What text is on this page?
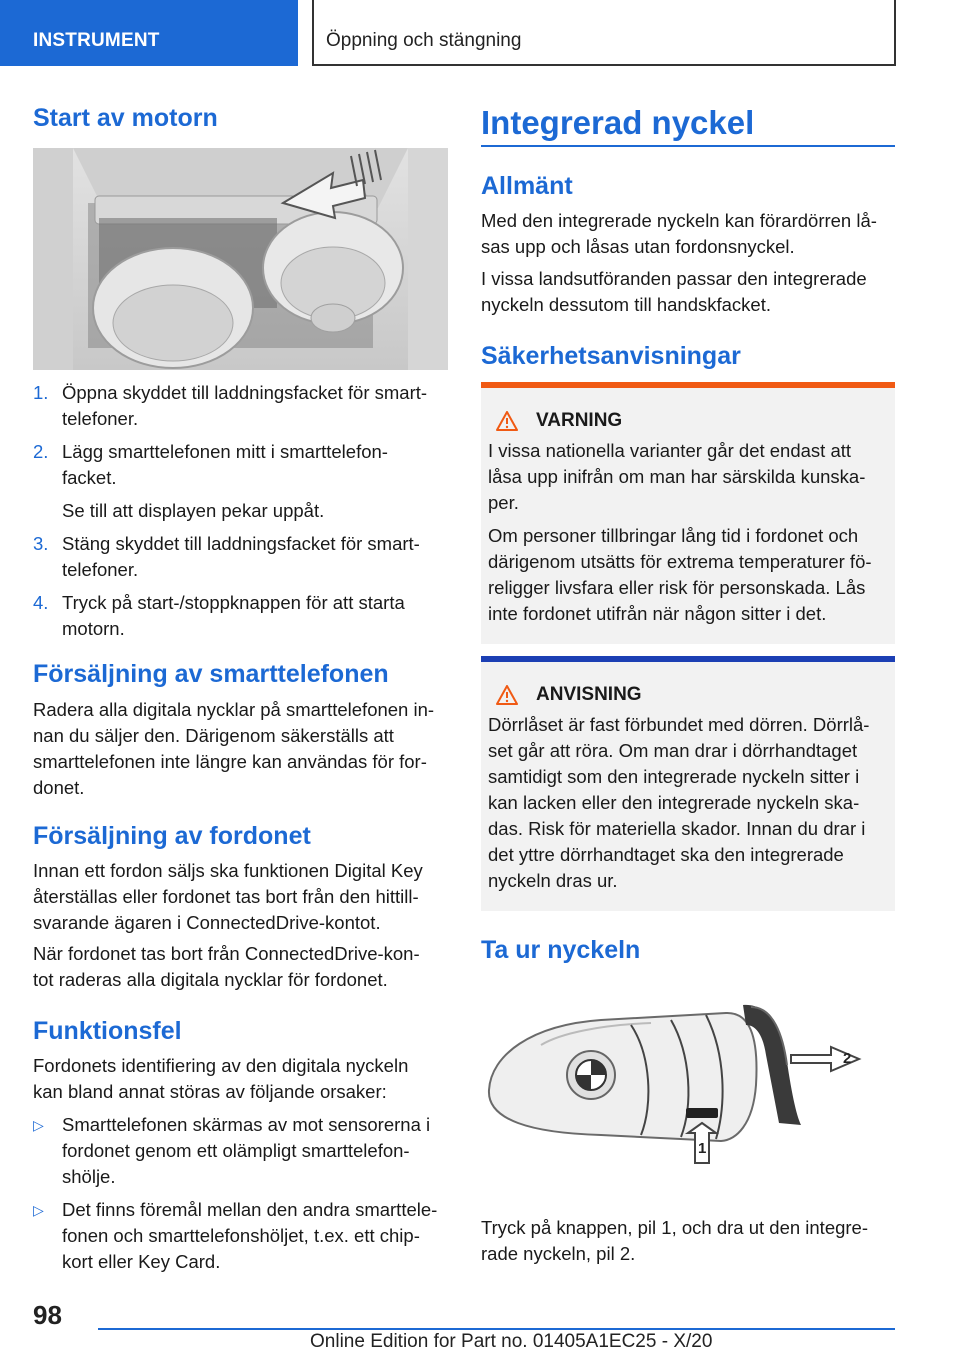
INSTRUMENT	Öppning och stängning
Start av motorn
1. Öppna skyddet till laddningsfacket för smart-
telefoner.
2. Lägg smarttelefonen mitt i smarttelefon-
facket.
Se till att displayen pekar uppåt.
3. Stäng skyddet till laddningsfacket för smart-
telefoner.
4. Tryck på start-/stoppknappen för att starta
motorn.
Försäljning av smarttelefonen
Radera alla digitala nycklar på smarttelefonen in-
nan du säljer den. Därigenom säkerställs att
smarttelefonen inte längre kan användas för for-
donet.
Försäljning av fordonet
Innan ett fordon säljs ska funktionen Digital Key
återställas eller fordonet tas bort från den hittill-
svarande ägaren i ConnectedDrive-kontot.
När fordonet tas bort från ConnectedDrive-kon-
tot raderas alla digitala nycklar för fordonet.
Funktionsfel
Fordonets identifiering av den digitala nyckeln
kan bland annat störas av följande orsaker:
▷ Smarttelefonen skärmas av mot sensorerna i
fordonet genom ett olämpligt smarttelefon-
shölje.
▷ Det finns föremål mellan den andra smarttele-
fonen och smarttelefonshöljet, t.ex. ett chip-
kort eller Key Card.
Integrerad nyckel
Allmänt
Med den integrerade nyckeln kan förardörren lå-
sas upp och låsas utan fordonsnyckel.
I vissa landsutföranden passar den integrerade
nyckeln dessutom till handskfacket.
Säkerhetsanvisningar
VARNING
I vissa nationella varianter går det endast att
låsa upp inifrån om man har särskilda kunska-
per.
Om personer tillbringar lång tid i fordonet och
därigenom utsätts för extrema temperaturer fö-
religger livsfara eller risk för personskada. Lås
inte fordonet utifrån när någon sitter i det.
ANVISNING
Dörrlåset är fast förbundet med dörren. Dörrlå-
set går att röra. Om man drar i dörrhandtaget
samtidigt som den integrerade nyckeln sitter i
kan lacken eller den integrerade nyckeln ska-
das. Risk för materiella skador. Innan du drar i
det yttre dörrhandtaget ska den integrerade
nyckeln dras ur.
Ta ur nyckeln
2
1
Tryck på knappen, pil 1, och dra ut den integre-
rade nyckeln, pil 2.
98
Online Edition for Part no. 01405A1EC25 - X/20
